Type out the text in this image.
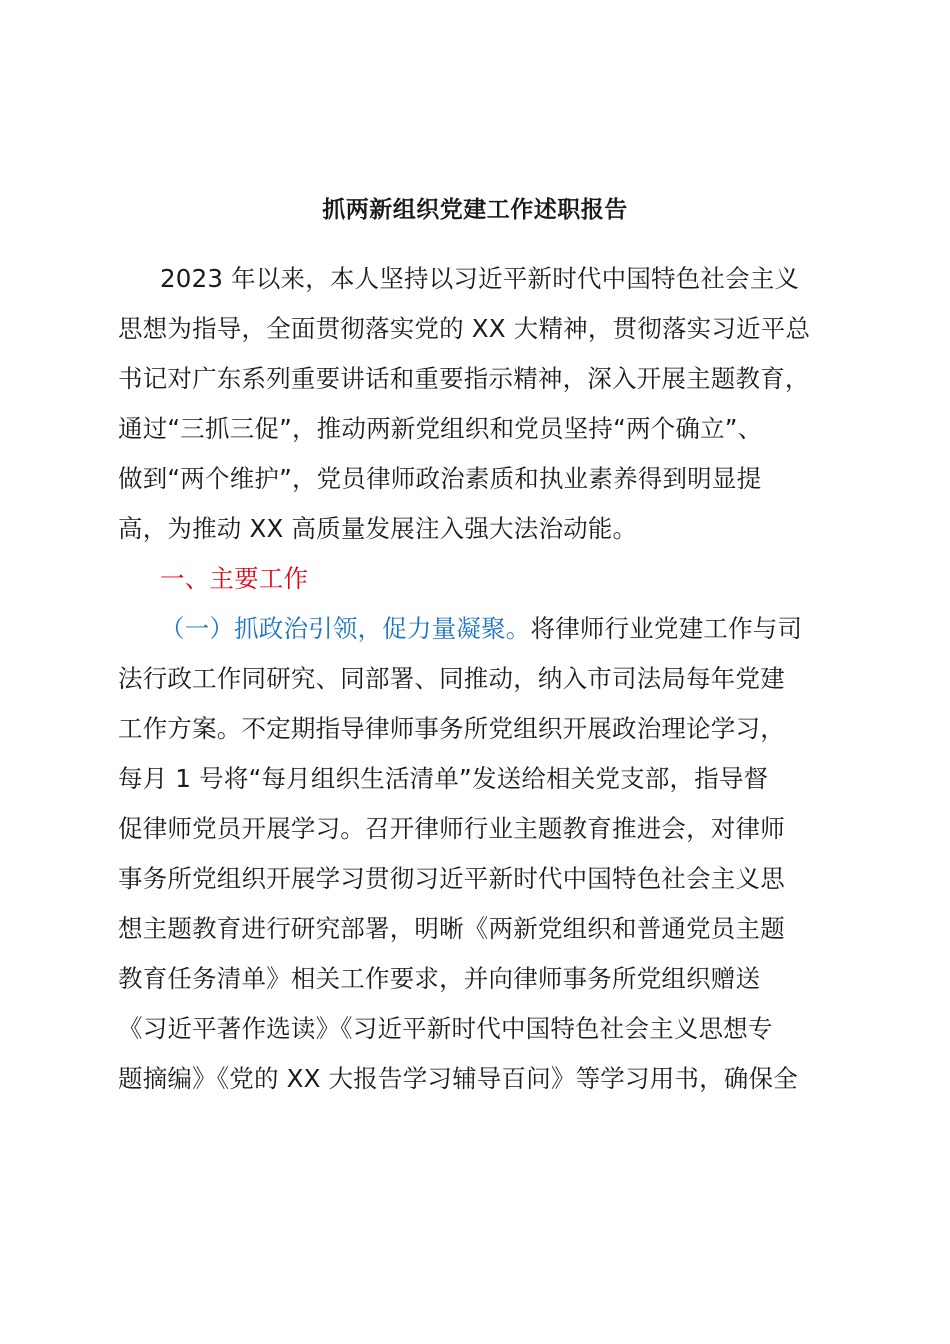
抓两新组织党建工作述职报告
2023 年以来，本人坚持以习近平新时代中国特色社会主义
思想为指导，全面贯彻落实党的 XX 大精神，贯彻落实习近平总
书记对广东系列重要讲话和重要指示精神，深入开展主题教育，
通过“三抓三促”，推动两新党组织和党员坚持“两个确立”、
做到“两个维护”，党员律师政治素质和执业素养得到明显提
高，为推动 XX 高质量发展注入强大法治动能。
一、主要工作
（一）抓政治引领，促力量凝聚。将律师行业党建工作与司
法行政工作同研究、同部署、同推动，纳入市司法局每年党建
工作方案。不定期指导律师事务所党组织开展政治理论学习，
每月 1 号将“每月组织生活清单”发送给相关党支部，指导督
促律师党员开展学习。召开律师行业主题教育推进会，对律师
事务所党组织开展学习贯彻习近平新时代中国特色社会主义思
想主题教育进行研究部署，明晰《两新党组织和普通党员主题
教育任务清单》相关工作要求，并向律师事务所党组织赠送
《习近平著作选读》《习近平新时代中国特色社会主义思想专
题摘编》《党的 XX 大报告学习辅导百问》等学习用书，确保全
